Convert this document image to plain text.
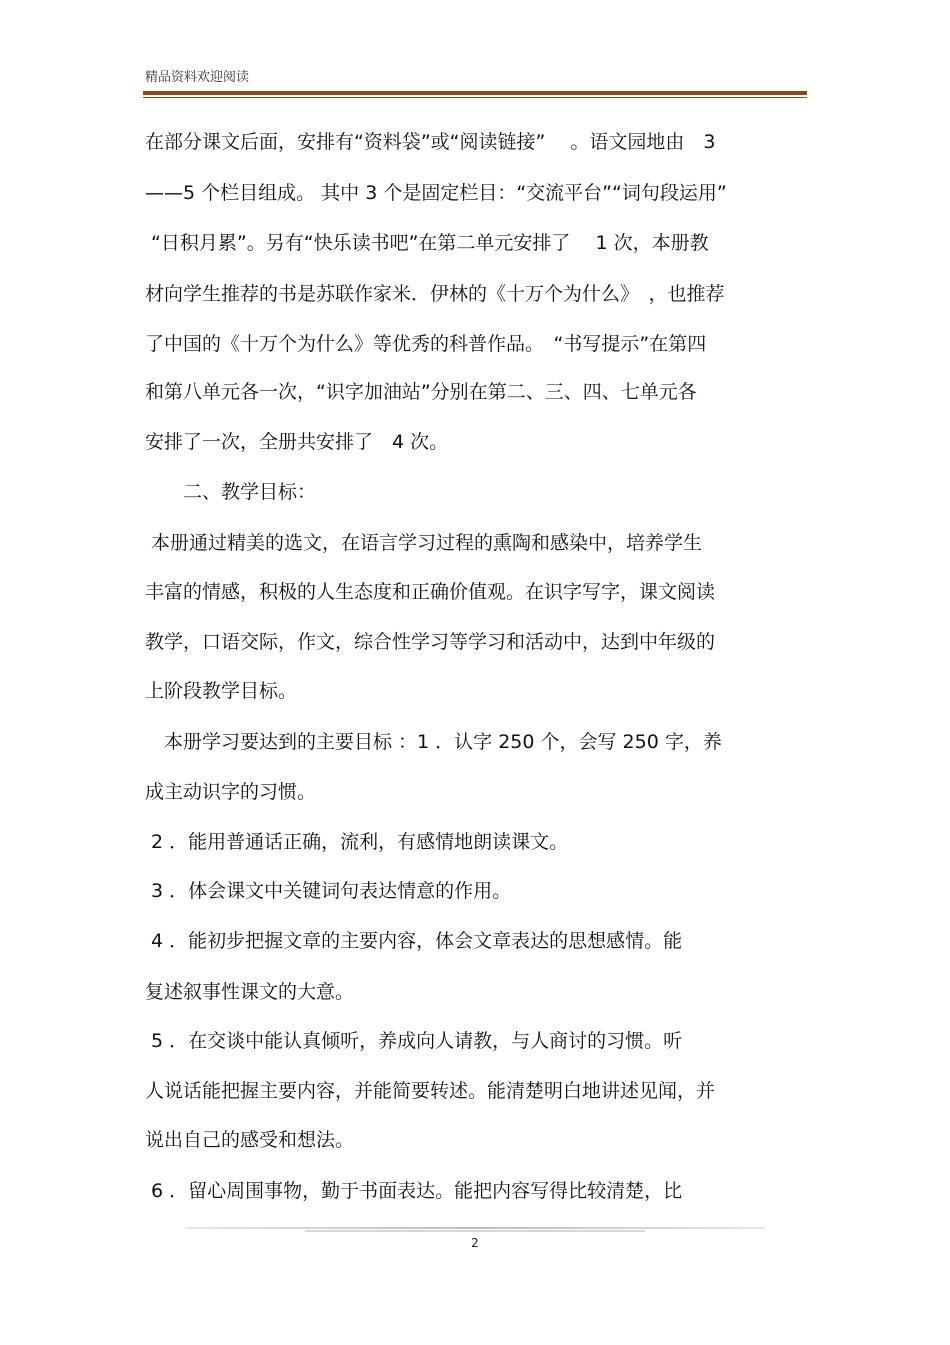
精品资料欢迎阅读
在部分课文后面，安排有“资料袋”或“阅读链接”　 。语文园地由　3
——5 个栏目组成。 其中 3 个是固定栏目：“交流平台”“词句段运用”
“日积月累”。另有“快乐读书吧”在第二单元安排了　 1 次，本册教
材向学生推荐的书是苏联作家米．伊林的《十万个为什么》　，也推荐
了中国的《十万个为什么》等优秀的科普作品。　“书写提示”在第四
和第八单元各一次，“识字加油站”分别在第二、三、四、七单元各
安排了一次，全册共安排了　4 次。
　　二、教学目标：
本册通过精美的选文，在语言学习过程的熏陶和感染中，培养学生
丰富的情感，积极的人生态度和正确价值观。在识字写字，课文阅读
教学，口语交际，作文，综合性学习等学习和活动中，达到中年级的
上阶段教学目标。
　本册学习要达到的主要目标 ：1 ．认字 250 个，会写 250 字，养
成主动识字的习惯。
2 ．能用普通话正确，流利，有感情地朗读课文。
3 ．体会课文中关键词句表达情意的作用。
4 ．能初步把握文章的主要内容，体会文章表达的思想感情。能
复述叙事性课文的大意。
5 ．在交谈中能认真倾听，养成向人请教，与人商讨的习惯。听
人说话能把握主要内容，并能简要转述。能清楚明白地讲述见闻，并
说出自己的感受和想法。
6 ．留心周围事物，勤于书面表达。能把内容写得比较清楚，比
2
